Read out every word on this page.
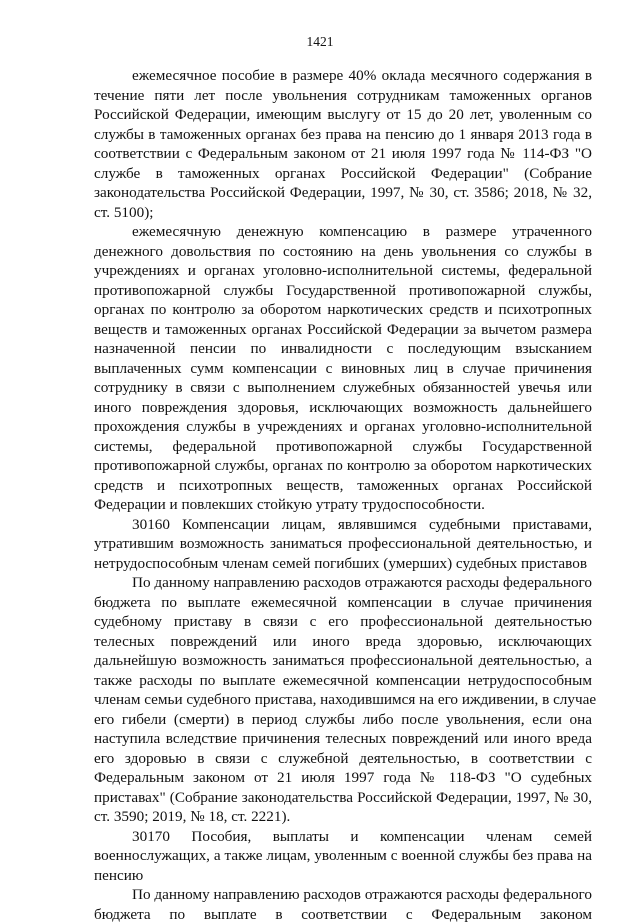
1421

ежемесячное пособие в размере 40% оклада месячного содержания в
течение пяти лет после увольнения сотрудникам таможенных органов
Российской Федерации, имеющим выслугу от 15 до 20 лет, уволенным со
службы в таможенных органах без права на пенсию до 1 января 2013 года в
соответствии с Федеральным законом от 21 июля 1997 года № 114-ФЗ "О
службе в таможенных органах Российской Федерации" (Собрание
законодательства Российской Федерации, 1997, № 30, ст. 3586; 2018, № 32,
ст. 5100);

ежемесячную денежную компенсацию в размере утраченного
денежного довольствия по состоянию на день увольнения со службы в
учреждениях и органах уголовно-исполнительной системы, федеральной
противопожарной службы Государственной противопожарной службы,
органах по контролю за оборотом наркотических средств и психотропных
веществ и таможенных органах Российской Федерации за вычетом размера
назначенной пенсии по инвалидности с последующим взысканием
выплаченных сумм компенсации с виновных лиц в случае причинения
сотруднику в связи с выполнением служебных обязанностей увечья или
иного повреждения здоровья, исключающих возможность дальнейшего
прохождения службы в учреждениях и органах уголовно-исполнительной
системы, федеральной противопожарной службы Государственной
противопожарной службы, органах по контролю за оборотом наркотических
средств и психотропных веществ, таможенных органах Российской
Федерации и повлекших стойкую утрату трудоспособности.

30160 Компенсации лицам, являвшимся судебными приставами,
утратившим возможность заниматься профессиональной деятельностью, и
нетрудоспособным членам семей погибших (умерших) судебных приставов

По данному направлению расходов отражаются расходы федерального
бюджета по выплате ежемесячной компенсации в случае причинения
судебному приставу в связи с его профессиональной деятельностью
телесных повреждений или иного вреда здоровью, исключающих
дальнейшую возможность заниматься профессиональной деятельностью, а
также расходы по выплате ежемесячной компенсации нетрудоспособным
членам семьи судебного пристава, находившимся на его иждивении, в случае
его гибели (смерти) в период службы либо после увольнения, если она
наступила вследствие причинения телесных повреждений или иного вреда
его здоровью в связи с служебной деятельностью, в соответствии с
Федеральным законом от 21 июля 1997 года № 118-ФЗ "О судебных
приставах" (Собрание законодательства Российской Федерации, 1997, № 30,
ст. 3590; 2019, № 18, ст. 2221).

30170 Пособия, выплаты и компенсации членам семей
военнослужащих, а также лицам, уволенным с военной службы без права на
пенсию

По данному направлению расходов отражаются расходы федерального
бюджета по выплате в соответствии с Федеральным законом
